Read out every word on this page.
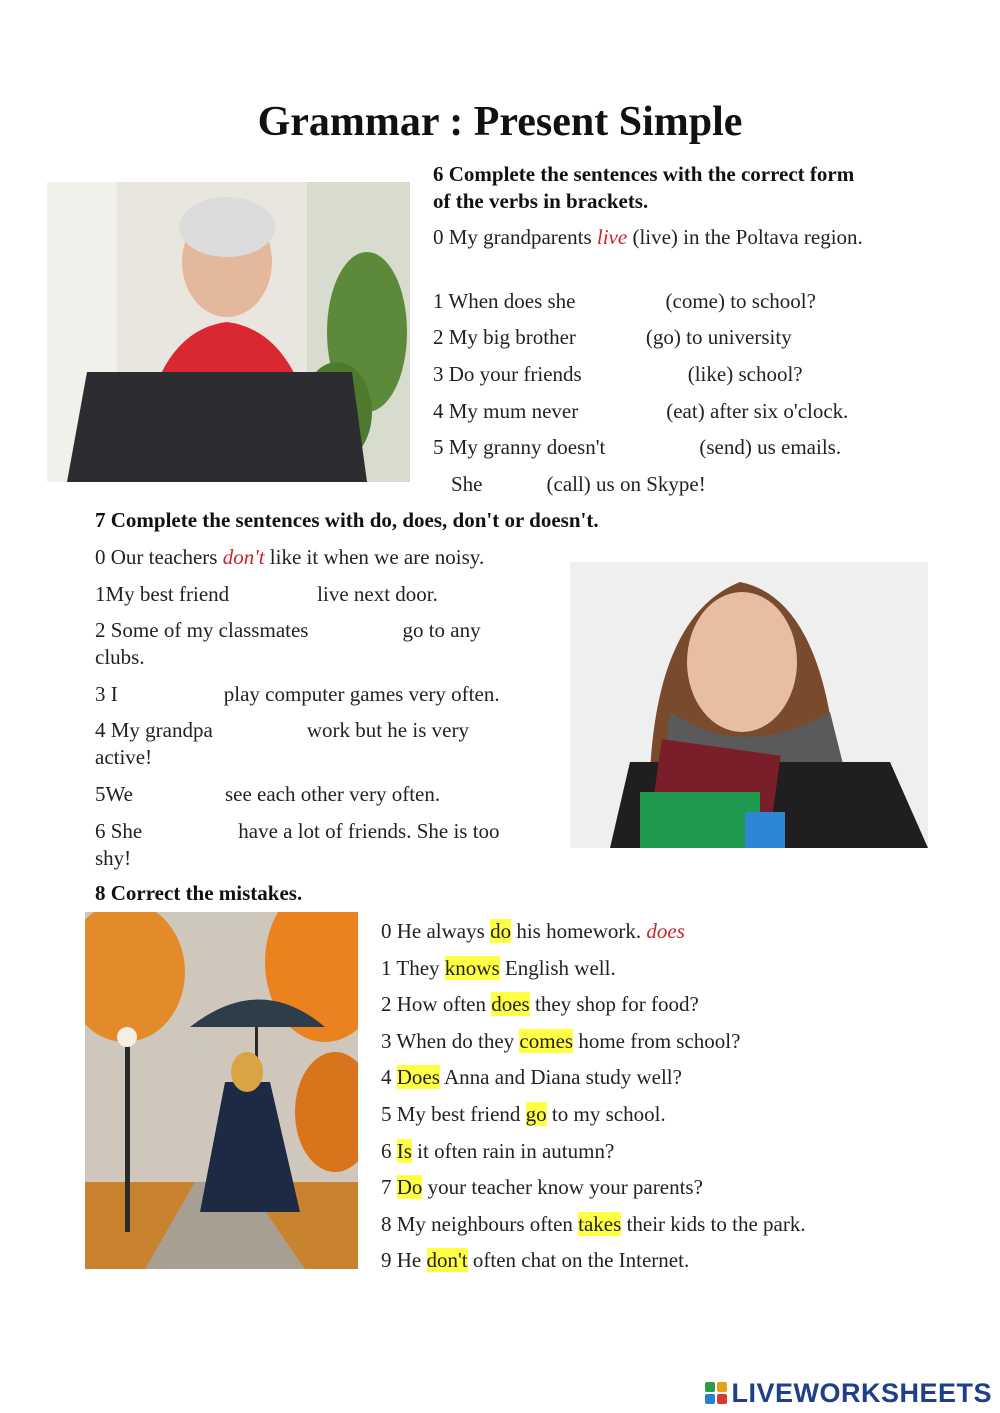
Grammar : Present Simple
6 Complete the sentences with the correct form of the verbs in brackets.
0 My grandparents live (live) in the Poltava region.
1 When does she	(come) to school?
2 My big brother	(go) to university
3 Do your friends	(like) school?
4 My mum never	(eat) after six o'clock.
5 My granny doesn't	(send) us emails.
She	(call) us on Skype!
7 Complete the sentences with do, does, don't or doesn't.
0 Our teachers don't like it when we are noisy.
1My best friend	live next door.
2 Some of my classmates	go to any
clubs.
3 I	play computer games very often.
4 My grandpa	work but he is very
active!
5We	see each other very often.
6 She	have a lot of friends. She is too
shy!
8 Correct the mistakes.
0 He always do his homework. does
1 They knows English well.
2 How often does they shop for food?
3 When do they comes home from school?
4 Does Anna and Diana study well?
5 My best friend go to my school.
6 Is it often rain in autumn?
7 Do your teacher know your parents?
8 My neighbours often takes their kids to the park.
9 He don't often chat on the Internet.
LIVEWORKSHEETS
